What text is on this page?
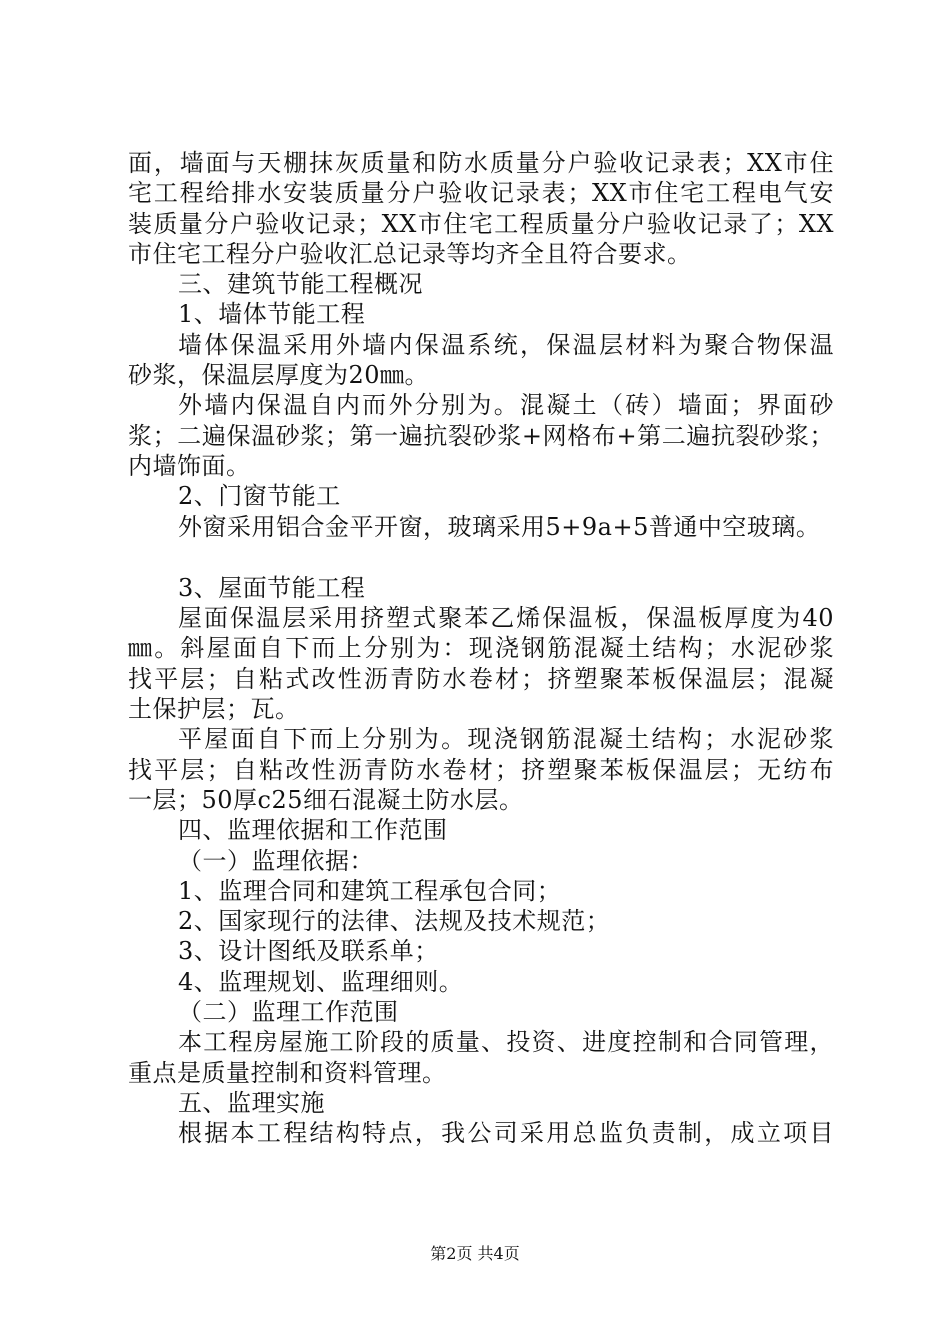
面，墙面与天棚抹灰质量和防水质量分户验收记录表；XX市住
宅工程给排水安装质量分户验收记录表；XX市住宅工程电气安
装质量分户验收记录；XX市住宅工程质量分户验收记录了；XX
市住宅工程分户验收汇总记录等均齐全且符合要求。
三、建筑节能工程概况
1、墙体节能工程
墙体保温采用外墙内保温系统，保温层材料为聚合物保温
砂浆，保温层厚度为20㎜。
外墙内保温自内而外分别为。混凝土（砖）墙面；界面砂
浆；二遍保温砂浆；第一遍抗裂砂浆+网格布+第二遍抗裂砂浆；
内墙饰面。
2、门窗节能工
外窗采用铝合金平开窗，玻璃采用5+9a+5普通中空玻璃。
3、屋面节能工程
屋面保温层采用挤塑式聚苯乙烯保温板，保温板厚度为40
㎜。斜屋面自下而上分别为：现浇钢筋混凝土结构；水泥砂浆
找平层；自粘式改性沥青防水卷材；挤塑聚苯板保温层；混凝
土保护层；瓦。
平屋面自下而上分别为。现浇钢筋混凝土结构；水泥砂浆
找平层；自粘改性沥青防水卷材；挤塑聚苯板保温层；无纺布
一层；50厚c25细石混凝土防水层。
四、监理依据和工作范围
（一）监理依据：
1、监理合同和建筑工程承包合同；
2、国家现行的法律、法规及技术规范；
3、设计图纸及联系单；
4、监理规划、监理细则。
（二）监理工作范围
本工程房屋施工阶段的质量、投资、进度控制和合同管理，
重点是质量控制和资料管理。
五、监理实施
根据本工程结构特点，我公司采用总监负责制，成立项目
第2页 共4页
